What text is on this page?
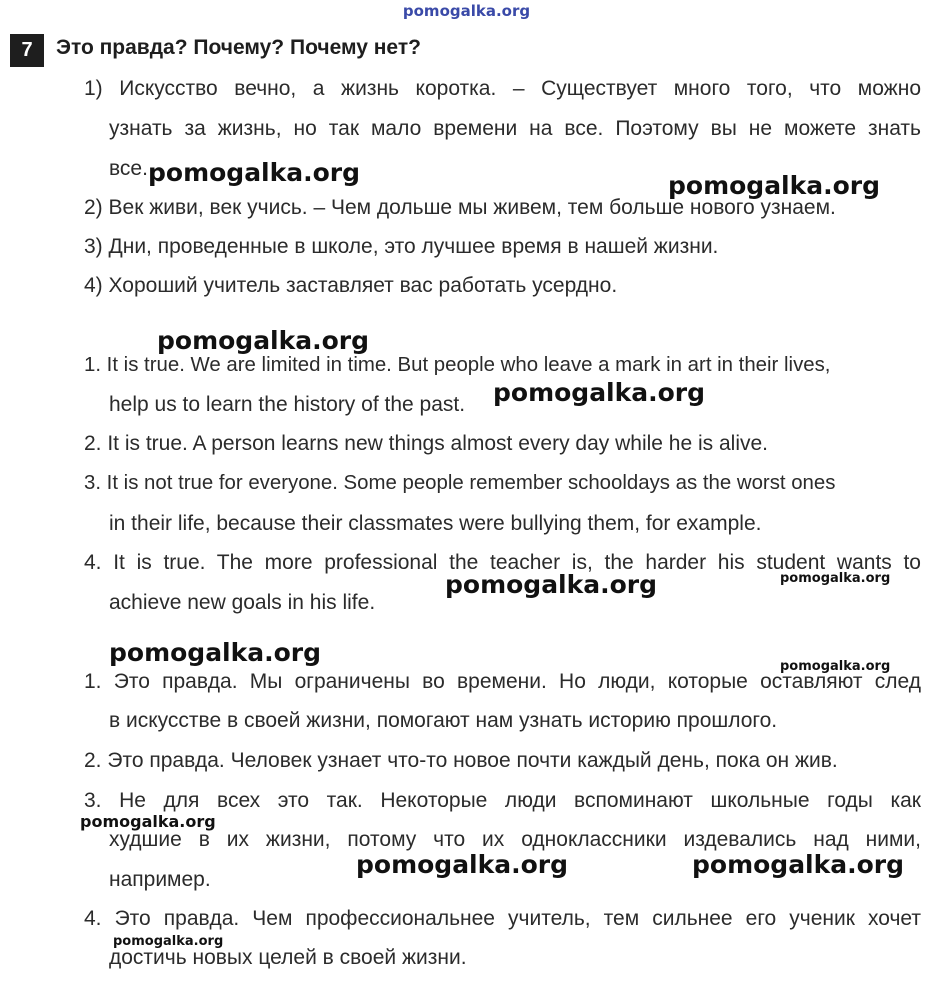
pomogalka.org
7	Это правда? Почему? Почему нет?
1) Искусство вечно, а жизнь коротка. – Существует много того, что можно
узнать за жизнь, но так мало времени на все. Поэтому вы не можете знать
все.
2) Век живи, век учись. – Чем дольше мы живем, тем больше нового узнаем.
3) Дни, проведенные в школе, это лучшее время в нашей жизни.
4) Хороший учитель заставляет вас работать усердно.
1. It is true. We are limited in time. But people who leave a mark in art in their lives,
help us to learn the history of the past.
2. It is true. A person learns new things almost every day while he is alive.
3. It is not true for everyone. Some people remember schooldays as the worst ones
in their life, because their classmates were bullying them, for example.
4. It is true. The more professional the teacher is, the harder his student wants to
achieve new goals in his life.
1. Это правда. Мы ограничены во времени. Но люди, которые оставляют след
в искусстве в своей жизни, помогают нам узнать историю прошлого.
2. Это правда. Человек узнает что-то новое почти каждый день, пока он жив.
3. Не для всех это так. Некоторые люди вспоминают школьные годы как
худшие в их жизни, потому что их одноклассники издевались над ними,
например.
4. Это правда. Чем профессиональнее учитель, тем сильнее его ученик хочет
достичь новых целей в своей жизни.
pomogalka.org	pomogalka.org
pomogalka.org
pomogalka.org
pomogalka.org	pomogalka.org
pomogalka.org	pomogalka.org
pomogalka.org
pomogalka.org	pomogalka.org
pomogalka.org
